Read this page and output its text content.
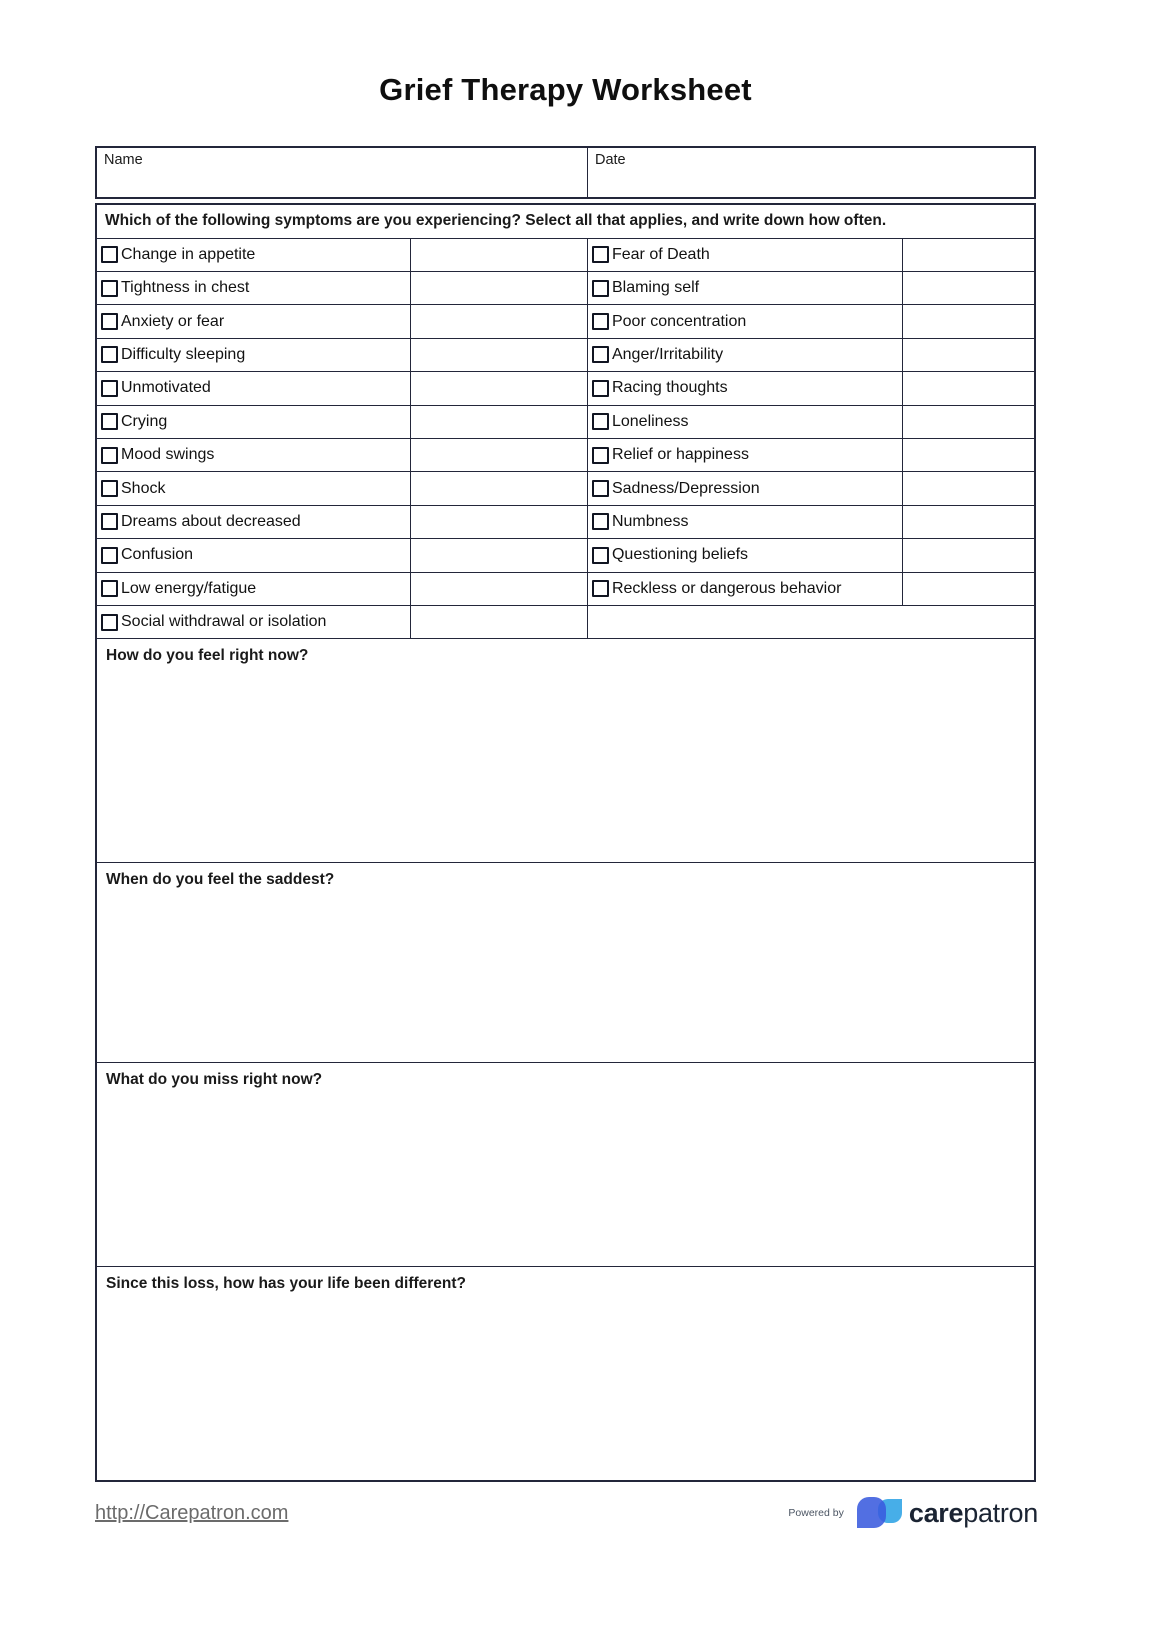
Grief Therapy Worksheet
Name	Date
Which of the following symptoms are you experiencing? Select all that applies, and write down how often.
Change in appetite	Fear of Death
Tightness in chest	Blaming self
Anxiety or fear	Poor concentration
Difficulty sleeping	Anger/Irritability
Unmotivated	Racing thoughts
Crying	Loneliness
Mood swings	Relief or happiness
Shock	Sadness/Depression
Dreams about decreased	Numbness
Confusion	Questioning beliefs
Low energy/fatigue	Reckless or dangerous behavior
Social withdrawal or isolation
How do you feel right now?
When do you feel the saddest?
What do you miss right now?
Since this loss, how has your life been different?
http://Carepatron.com	Powered by carepatron
